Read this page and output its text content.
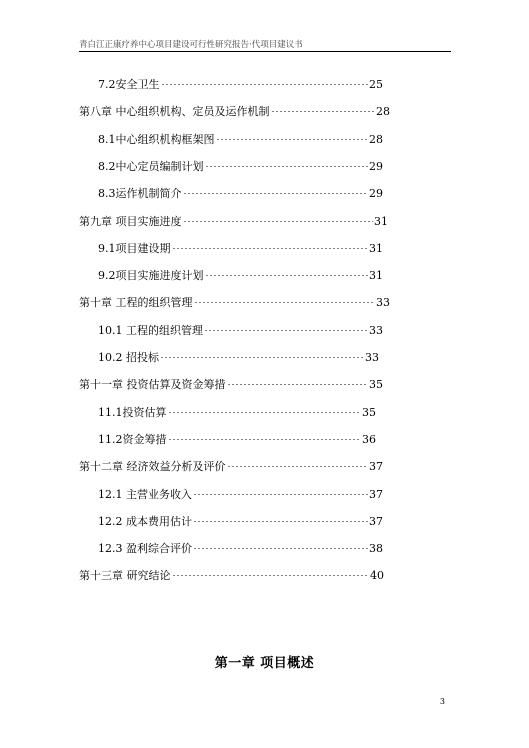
青白江正康疗养中心项目建设可行性研究报告·代项目建议书
7.2安全卫生	25
第八章 中心组织机构、定员及运作机制	28
8.1中心组织机构框架图	28
8.2中心定员编制计划	29
8.3运作机制简介	29
第九章 项目实施进度	31
9.1项目建设期	31
9.2项目实施进度计划	31
第十章 工程的组织管理	33
10.1 工程的组织管理	33
10.2 招投标	33
第十一章 投资估算及资金筹措	35
11.1投资估算	35
11.2资金筹措	36
第十二章 经济效益分析及评价	37
12.1 主营业务收入	37
12.2 成本费用估计	37
12.3 盈利综合评价	38
第十三章 研究结论	40
第一章 项目概述
3
